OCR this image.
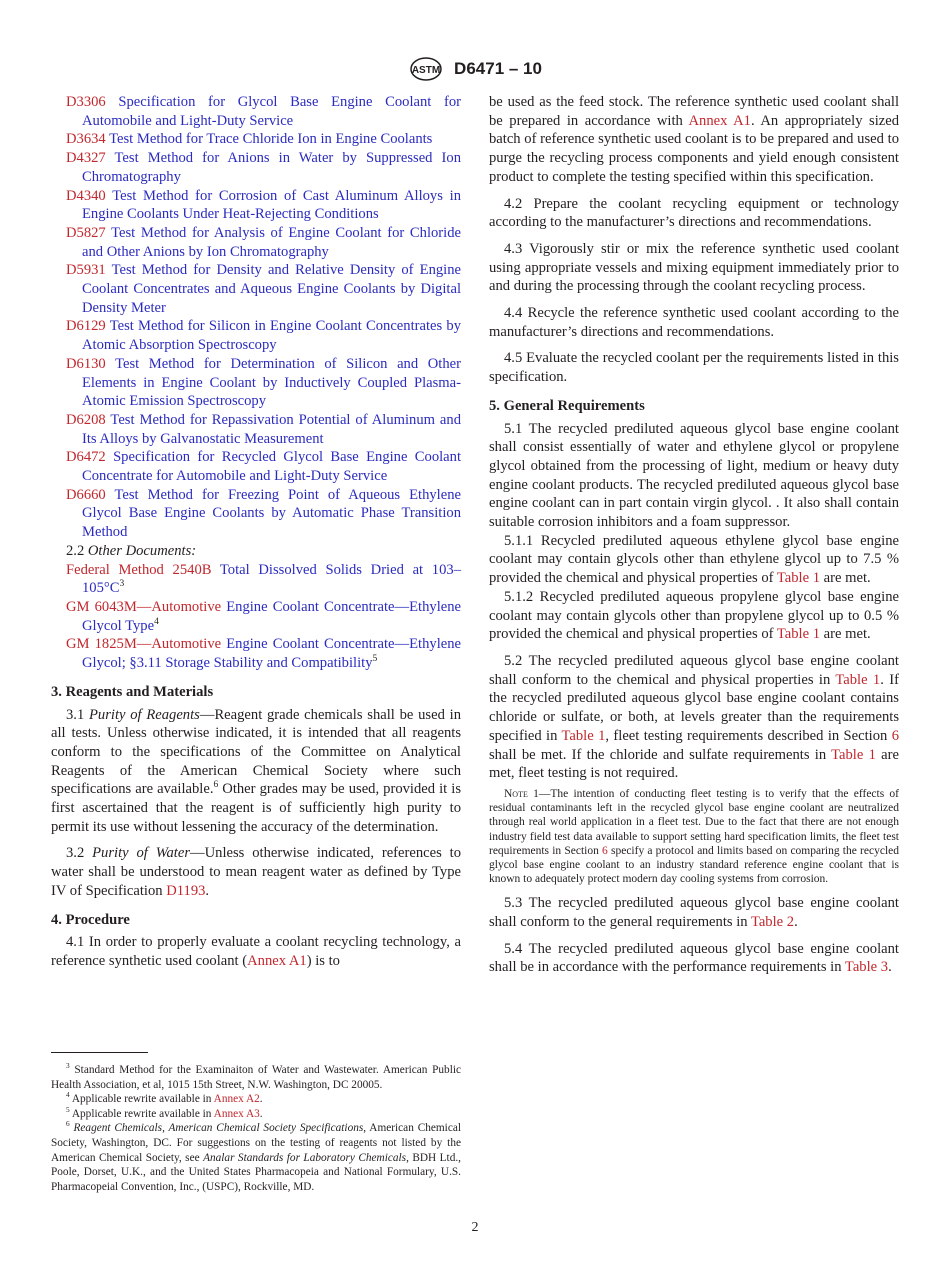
ASTM D6471 – 10
D3306 Specification for Glycol Base Engine Coolant for Automobile and Light-Duty Service
D3634 Test Method for Trace Chloride Ion in Engine Coolants
D4327 Test Method for Anions in Water by Suppressed Ion Chromatography
D4340 Test Method for Corrosion of Cast Aluminum Alloys in Engine Coolants Under Heat-Rejecting Conditions
D5827 Test Method for Analysis of Engine Coolant for Chloride and Other Anions by Ion Chromatography
D5931 Test Method for Density and Relative Density of Engine Coolant Concentrates and Aqueous Engine Coolants by Digital Density Meter
D6129 Test Method for Silicon in Engine Coolant Concentrates by Atomic Absorption Spectroscopy
D6130 Test Method for Determination of Silicon and Other Elements in Engine Coolant by Inductively Coupled Plasma-Atomic Emission Spectroscopy
D6208 Test Method for Repassivation Potential of Aluminum and Its Alloys by Galvanostatic Measurement
D6472 Specification for Recycled Glycol Base Engine Coolant Concentrate for Automobile and Light-Duty Service
D6660 Test Method for Freezing Point of Aqueous Ethylene Glycol Base Engine Coolants by Automatic Phase Transition Method
2.2 Other Documents:
Federal Method 2540B Total Dissolved Solids Dried at $103-105^\circ C^3$
GM 6043M—Automotive Engine Coolant Concentrate—Ethylene Glycol Type$^4$
GM 1825M—Automotive Engine Coolant Concentrate—Ethylene Glycol; §3.11 Storage Stability and Compatibility$^5$
3. Reagents and Materials
3.1 Purity of Reagents—Reagent grade chemicals shall be used in all tests. Unless otherwise indicated, it is intended that all reagents conform to the specifications of the Committee on Analytical Reagents of the American Chemical Society where such specifications are available.$^6$ Other grades may be used, provided it is first ascertained that the reagent is of sufficiently high purity to permit its use without lessening the accuracy of the determination.
3.2 Purity of Water—Unless otherwise indicated, references to water shall be understood to mean reagent water as defined by Type IV of Specification D1193.
4. Procedure
4.1 In order to properly evaluate a coolant recycling technology, a reference synthetic used coolant (Annex A1) is to
be used as the feed stock. The reference synthetic used coolant shall be prepared in accordance with Annex A1. An appropriately sized batch of reference synthetic used coolant is to be prepared and used to purge the recycling process components and yield enough consistent product to complete the testing specified within this specification.
4.2 Prepare the coolant recycling equipment or technology according to the manufacturer’s directions and recommendations.
4.3 Vigorously stir or mix the reference synthetic used coolant using appropriate vessels and mixing equipment immediately prior to and during the processing through the coolant recycling process.
4.4 Recycle the reference synthetic used coolant according to the manufacturer’s directions and recommendations.
4.5 Evaluate the recycled coolant per the requirements listed in this specification.
5. General Requirements
5.1 The recycled prediluted aqueous glycol base engine coolant shall consist essentially of water and ethylene glycol or propylene glycol obtained from the processing of light, medium or heavy duty engine coolant products. The recycled prediluted aqueous glycol base engine coolant can in part contain virgin glycol. . It also shall contain suitable corrosion inhibitors and a foam suppressor.
5.1.1 Recycled prediluted aqueous ethylene glycol base engine coolant may contain glycols other than ethylene glycol up to 7.5 % provided the chemical and physical properties of Table 1 are met.
5.1.2 Recycled prediluted aqueous propylene glycol base engine coolant may contain glycols other than propylene glycol up to 0.5 % provided the chemical and physical properties of Table 1 are met.
5.2 The recycled prediluted aqueous glycol base engine coolant shall conform to the chemical and physical properties in Table 1. If the recycled prediluted aqueous glycol base engine coolant contains chloride or sulfate, or both, at levels greater than the requirements specified in Table 1, fleet testing requirements described in Section 6 shall be met. If the chloride and sulfate requirements in Table 1 are met, fleet testing is not required.
Note 1—The intention of conducting fleet testing is to verify that the effects of residual contaminants left in the recycled glycol base engine coolant are neutralized through real world application in a fleet test. Due to the fact that there are not enough industry field test data available to support setting hard specification limits, the fleet test requirements in Section 6 specify a protocol and limits based on comparing the recycled glycol base engine coolant to an industry standard reference engine coolant that is known to adequately protect modern day cooling systems from corrosion.
5.3 The recycled prediluted aqueous glycol base engine coolant shall conform to the general requirements in Table 2.
5.4 The recycled prediluted aqueous glycol base engine coolant shall be in accordance with the performance requirements in Table 3.
$^3$ Standard Method for the Examinaiton of Water and Wastewater. American Public Health Association, et al, 1015 15th Street, N.W. Washington, DC 20005.
$^4$ Applicable rewrite available in Annex A2.
$^5$ Applicable rewrite available in Annex A3.
$^6$ Reagent Chemicals, American Chemical Society Specifications, American Chemical Society, Washington, DC. For suggestions on the testing of reagents not listed by the American Chemical Society, see Analar Standards for Laboratory Chemicals, BDH Ltd., Poole, Dorset, U.K., and the United States Pharmacopeia and National Formulary, U.S. Pharmacopeial Convention, Inc., (USPC), Rockville, MD.
2
